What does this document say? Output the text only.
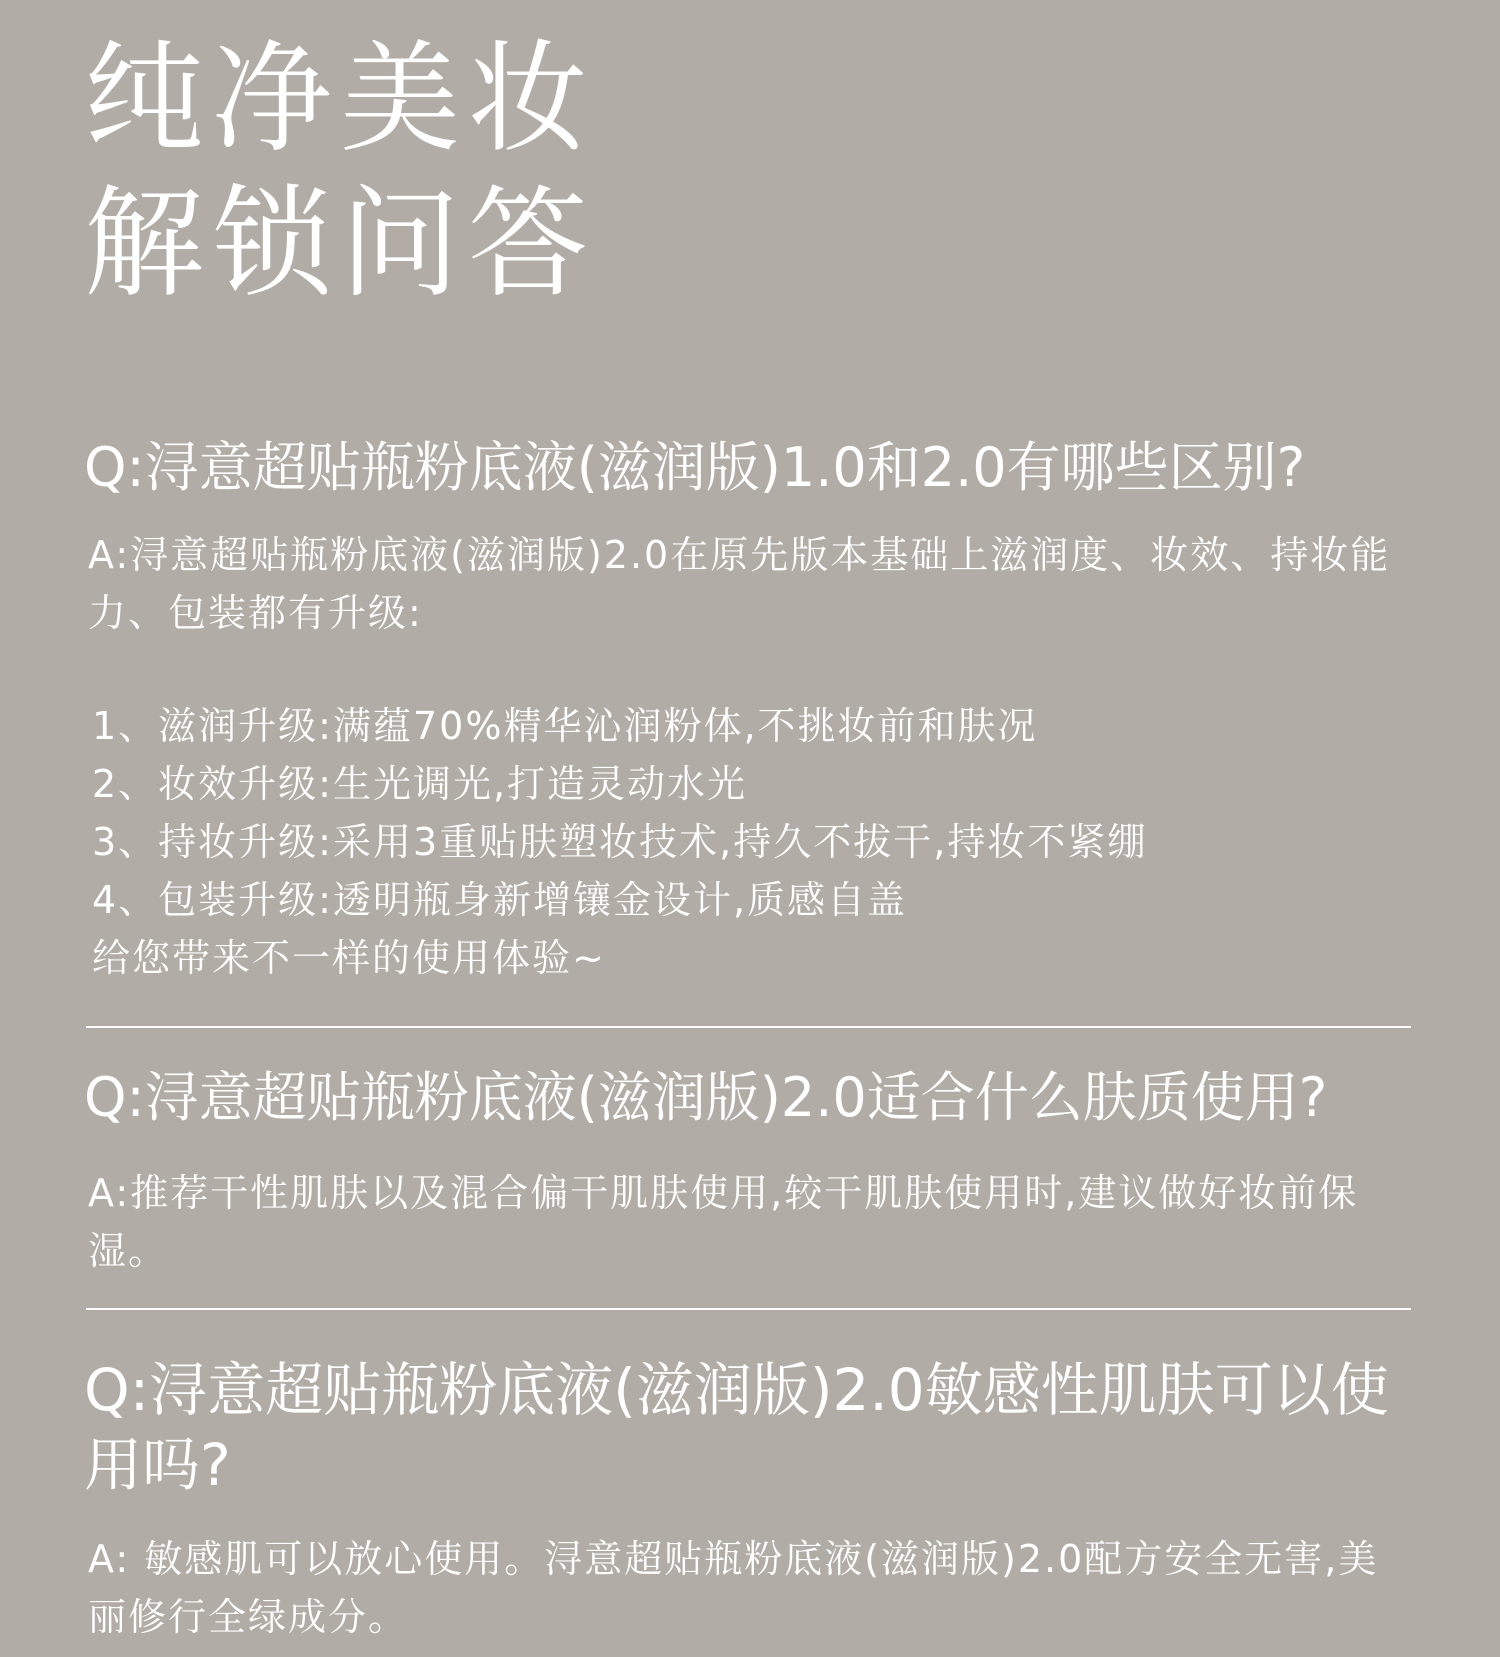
纯净美妆
解锁问答
Q:浔意超贴瓶粉底液(滋润版)1.0和2.0有哪些区别?

A:浔意超贴瓶粉底液(滋润版)2.0在原先版本基础上滋润度、妆效、持妆能力、包装都有升级:

1、滋润升级:满蕴70%精华沁润粉体,不挑妆前和肤况
2、妆效升级:生光调光,打造灵动水光
3、持妆升级:采用3重贴肤塑妆技术,持久不拔干,持妆不紧绷
4、包装升级:透明瓶身新增镶金设计,质感自盖
给您带来不一样的使用体验~
Q:浔意超贴瓶粉底液(滋润版)2.0适合什么肤质使用?

A:推荐干性肌肤以及混合偏干肌肤使用,较干肌肤使用时,建议做好妆前保湿。

Q:浔意超贴瓶粉底液(滋润版)2.0敏感性肌肤可以使用吗?

A: 敏感肌可以放心使用。浔意超贴瓶粉底液(滋润版)2.0配方安全无害,美丽修行全绿成分。
